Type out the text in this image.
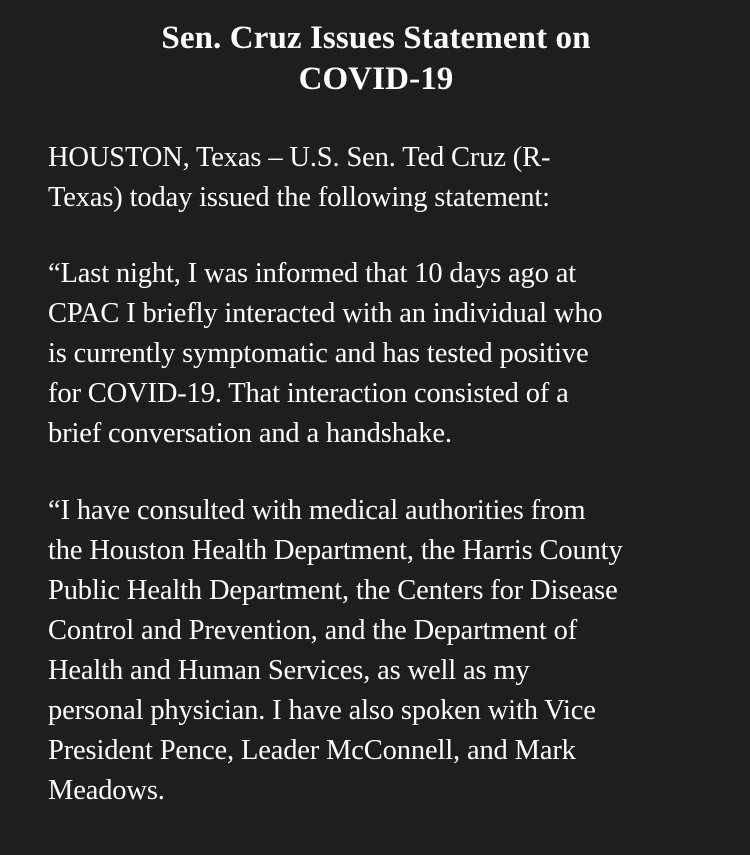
Sen. Cruz Issues Statement on
COVID-19

HOUSTON, Texas – U.S. Sen. Ted Cruz (R-
Texas) today issued the following statement:

“Last night, I was informed that 10 days ago at
CPAC I briefly interacted with an individual who
is currently symptomatic and has tested positive
for COVID-19. That interaction consisted of a
brief conversation and a handshake.

“I have consulted with medical authorities from
the Houston Health Department, the Harris County
Public Health Department, the Centers for Disease
Control and Prevention, and the Department of
Health and Human Services, as well as my
personal physician. I have also spoken with Vice
President Pence, Leader McConnell, and Mark
Meadows.
